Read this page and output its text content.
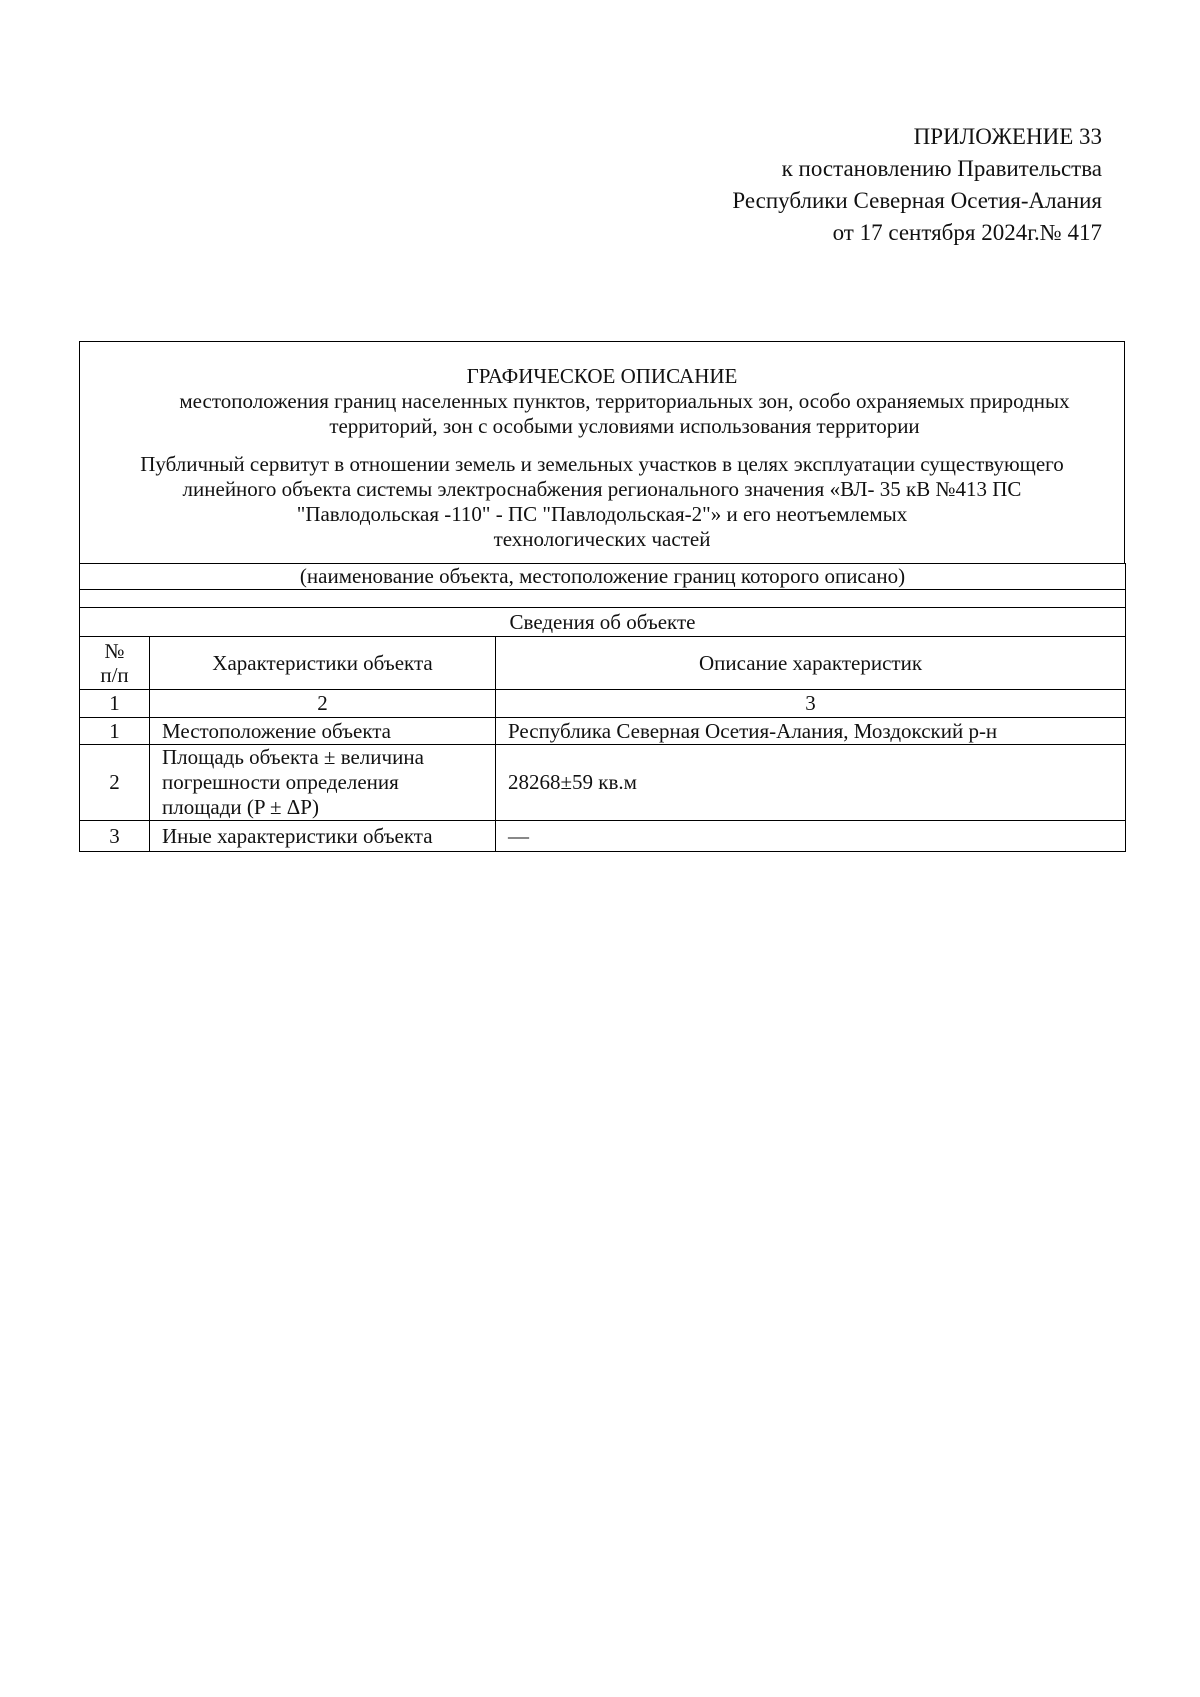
ПРИЛОЖЕНИЕ 33
к постановлению Правительства
Республики Северная Осетия-Алания
от 17 сентября 2024г.№ 417
ГРАФИЧЕСКОЕ ОПИСАНИЕ
местоположения границ населенных пунктов, территориальных зон, особо охраняемых природных
территорий, зон с особыми условиями использования территории
Публичный сервитут в отношении земель и земельных участков в целях эксплуатации существующего
линейного объекта системы электроснабжения регионального значения «ВЛ- 35 кВ №413 ПС
"Павлодольская -110" - ПС "Павлодольская-2"» и его неотъемлемых
технологических частей
(наименование объекта, местоположение границ которого описано)		

Сведения об объекте		

№
п/п	Характеристики объекта	Описание характеристик
1	2	3
1	Местоположение объекта	Республика Северная Осетия-Алания, Моздокский р-н
2	Площадь объекта ± величина
погрешности определения
площади (P ± ΔP)	28268±59 кв.м
3	Иные характеристики объекта	—
